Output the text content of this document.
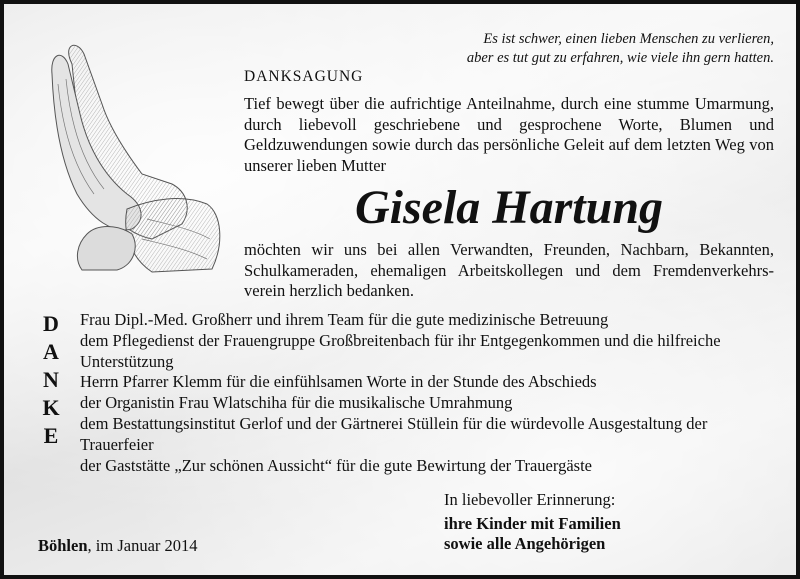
Es ist schwer, einen lieben Menschen zu verlieren,
aber es tut gut zu erfahren, wie viele ihn gern hatten.
DANKSAGUNG
Tief bewegt über die aufrichtige Anteilnahme, durch eine stumme Umarmung, durch liebevoll geschriebene und gesprochene Worte, Blumen und Geldzuwendungen sowie durch das persönliche Geleit auf dem letzten Weg von unserer lieben Mutter
Gisela Hartung
möchten wir uns bei allen Verwandten, Freunden, Nachbarn, Bekannten, Schulkameraden, ehemaligen Arbeitskollegen und dem Fremdenverkehrs-verein herzlich bedanken.
D
A
N
K
E
Frau Dipl.-Med. Großherr und ihrem Team für die gute medizinische Betreuung
dem Pflegedienst der Frauengruppe Großbreitenbach für ihr Entgegenkommen und die hilfreiche Unterstützung
Herrn Pfarrer Klemm für die einfühlsamen Worte in der Stunde des Abschieds
der Organistin Frau Wlatschiha für die musikalische Umrahmung
dem Bestattungsinstitut Gerlof und der Gärtnerei Stüllein für die würdevolle Ausgestaltung der Trauerfeier
der Gaststätte „Zur schönen Aussicht“ für die gute Bewirtung der Trauergäste
In liebevoller Erinnerung:
ihre Kinder mit Familien
sowie alle Angehörigen
Böhlen, im Januar 2014
